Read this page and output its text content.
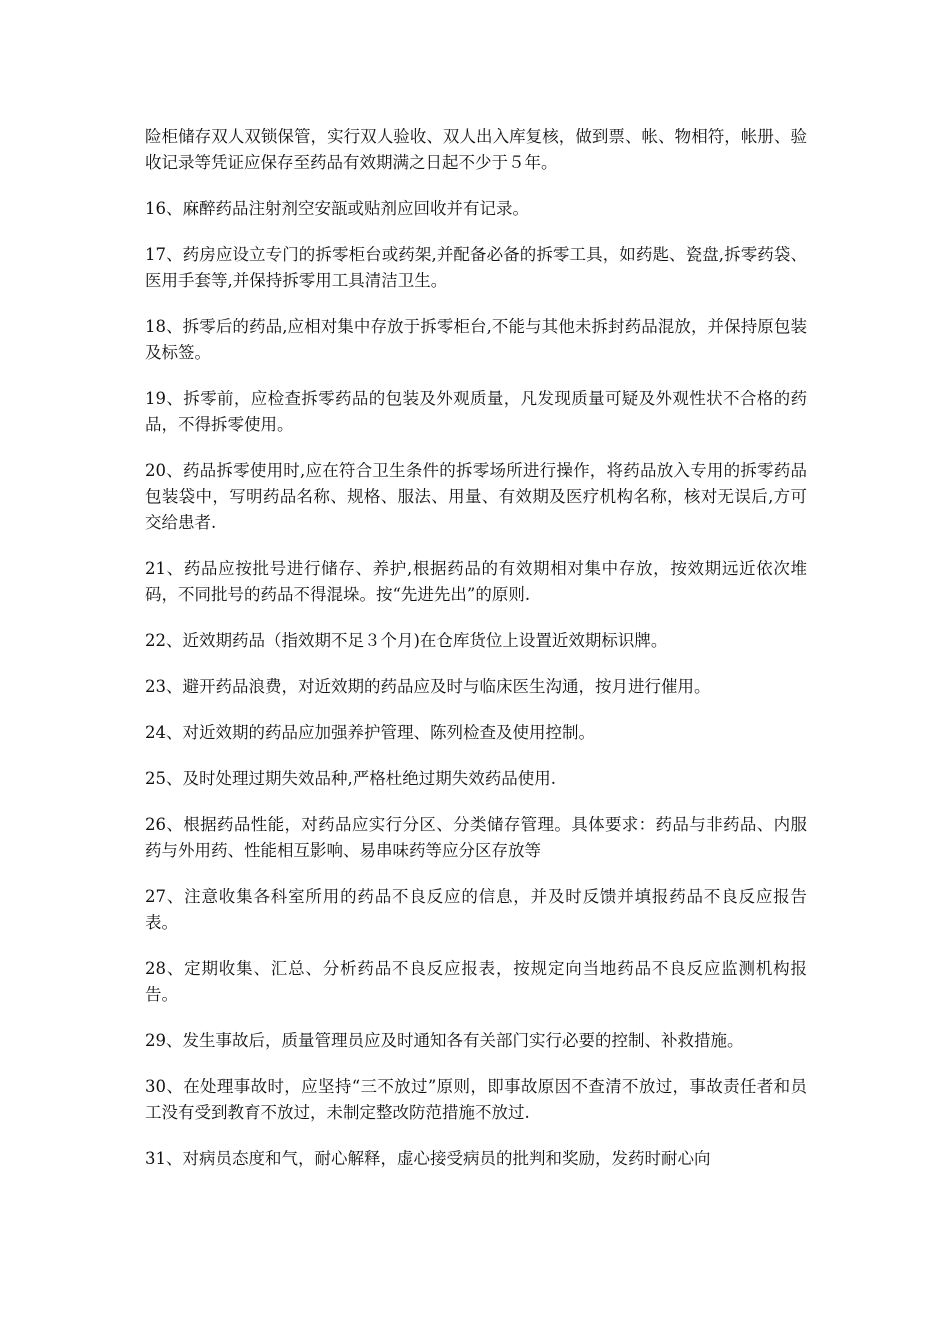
险柜储存双人双锁保管，实行双人验收、双人出入库复核，做到票、帐、物相符，帐册、验收记录等凭证应保存至药品有效期满之日起不少于５年。

16、麻醉药品注射剂空安瓿或贴剂应回收并有记录。

17、药房应设立专门的拆零柜台或药架,并配备必备的拆零工具，如药匙、瓷盘,拆零药袋、医用手套等,并保持拆零用工具清洁卫生。

18、拆零后的药品,应相对集中存放于拆零柜台,不能与其他未拆封药品混放，并保持原包装及标签。

19、拆零前，应检查拆零药品的包装及外观质量，凡发现质量可疑及外观性状不合格的药品，不得拆零使用。

20、药品拆零使用时,应在符合卫生条件的拆零场所进行操作，将药品放入专用的拆零药品包装袋中，写明药品名称、规格、服法、用量、有效期及医疗机构名称，核对无误后,方可交给患者.

21、药品应按批号进行储存、养护,根据药品的有效期相对集中存放，按效期远近依次堆码，不同批号的药品不得混垛。按“先进先出”的原则.

22、近效期药品（指效期不足３个月)在仓库货位上设置近效期标识牌。

23、避开药品浪费，对近效期的药品应及时与临床医生沟通，按月进行催用。

24、对近效期的药品应加强养护管理、陈列检查及使用控制。

25、及时处理过期失效品种,严格杜绝过期失效药品使用.

26、根据药品性能，对药品应实行分区、分类储存管理。具体要求：药品与非药品、内服药与外用药、性能相互影响、易串味药等应分区存放等

27、注意收集各科室所用的药品不良反应的信息，并及时反馈并填报药品不良反应报告表。

28、定期收集、汇总、分析药品不良反应报表，按规定向当地药品不良反应监测机构报告。

29、发生事故后，质量管理员应及时通知各有关部门实行必要的控制、补救措施。

30、在处理事故时，应坚持“三不放过”原则，即事故原因不查清不放过，事故责任者和员工没有受到教育不放过，未制定整改防范措施不放过.

31、对病员态度和气，耐心解释，虚心接受病员的批判和奖励，发药时耐心向
